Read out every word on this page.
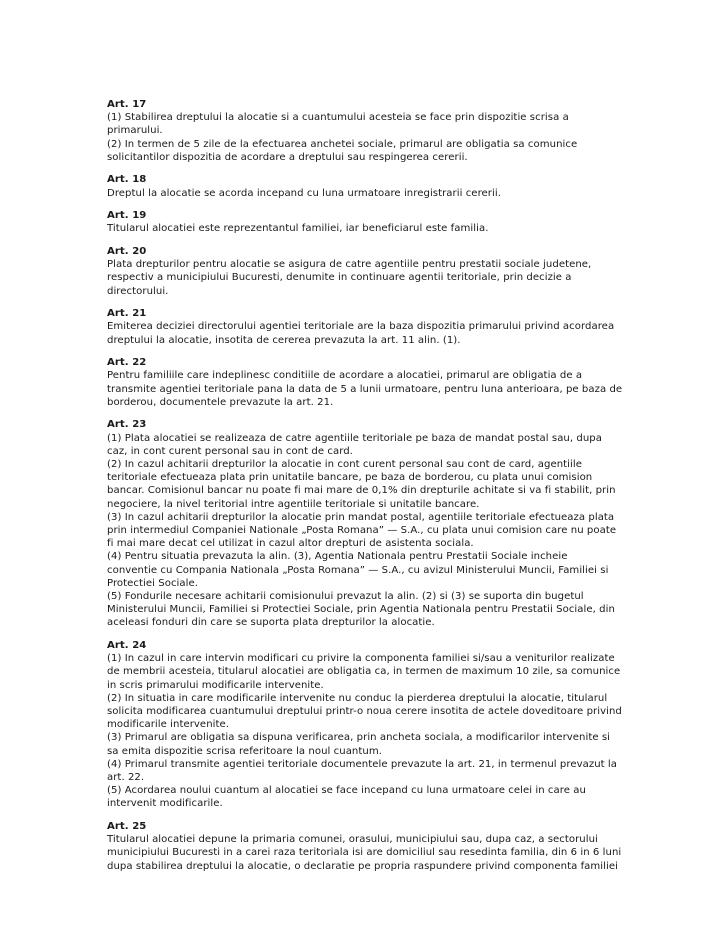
Art. 17
(1) Stabilirea dreptului la alocatie si a cuantumului acesteia se face prin dispozitie scrisa a
primarului.
(2) In termen de 5 zile de la efectuarea anchetei sociale, primarul are obligatia sa comunice
solicitantilor dispozitia de acordare a dreptului sau respingerea cererii.
Art. 18
Dreptul la alocatie se acorda incepand cu luna urmatoare inregistrarii cererii.
Art. 19
Titularul alocatiei este reprezentantul familiei, iar beneficiarul este familia.
Art. 20
Plata drepturilor pentru alocatie se asigura de catre agentiile pentru prestatii sociale judetene,
respectiv a municipiului Bucuresti, denumite in continuare agentii teritoriale, prin decizie a
directorului.
Art. 21
Emiterea deciziei directorului agentiei teritoriale are la baza dispozitia primarului privind acordarea
dreptului la alocatie, insotita de cererea prevazuta la art. 11 alin. (1).
Art. 22
Pentru familiile care indeplinesc conditiile de acordare a alocatiei, primarul are obligatia de a
transmite agentiei teritoriale pana la data de 5 a lunii urmatoare, pentru luna anterioara, pe baza de
borderou, documentele prevazute la art. 21.
Art. 23
(1) Plata alocatiei se realizeaza de catre agentiile teritoriale pe baza de mandat postal sau, dupa
caz, in cont curent personal sau in cont de card.
(2) In cazul achitarii drepturilor la alocatie in cont curent personal sau cont de card, agentiile
teritoriale efectueaza plata prin unitatile bancare, pe baza de borderou, cu plata unui comision
bancar. Comisionul bancar nu poate fi mai mare de 0,1% din drepturile achitate si va fi stabilit, prin
negociere, la nivel teritorial intre agentiile teritoriale si unitatile bancare.
(3) In cazul achitarii drepturilor la alocatie prin mandat postal, agentiile teritoriale efectueaza plata
prin intermediul Companiei Nationale „Posta Romana” — S.A., cu plata unui comision care nu poate
fi mai mare decat cel utilizat in cazul altor drepturi de asistenta sociala.
(4) Pentru situatia prevazuta la alin. (3), Agentia Nationala pentru Prestatii Sociale incheie
conventie cu Compania Nationala „Posta Romana” — S.A., cu avizul Ministerului Muncii, Familiei si
Protectiei Sociale.
(5) Fondurile necesare achitarii comisionului prevazut la alin. (2) si (3) se suporta din bugetul
Ministerului Muncii, Familiei si Protectiei Sociale, prin Agentia Nationala pentru Prestatii Sociale, din
aceleasi fonduri din care se suporta plata drepturilor la alocatie.
Art. 24
(1) In cazul in care intervin modificari cu privire la componenta familiei si/sau a veniturilor realizate
de membrii acesteia, titularul alocatiei are obligatia ca, in termen de maximum 10 zile, sa comunice
in scris primarului modificarile intervenite.
(2) In situatia in care modificarile intervenite nu conduc la pierderea dreptului la alocatie, titularul
solicita modificarea cuantumului dreptului printr-o noua cerere insotita de actele doveditoare privind
modificarile intervenite.
(3) Primarul are obligatia sa dispuna verificarea, prin ancheta sociala, a modificarilor intervenite si
sa emita dispozitie scrisa referitoare la noul cuantum.
(4) Primarul transmite agentiei teritoriale documentele prevazute la art. 21, in termenul prevazut la
art. 22.
(5) Acordarea noului cuantum al alocatiei se face incepand cu luna urmatoare celei in care au
intervenit modificarile.
Art. 25
Titularul alocatiei depune la primaria comunei, orasului, municipiului sau, dupa caz, a sectorului
municipiului Bucuresti in a carei raza teritoriala isi are domiciliul sau resedinta familia, din 6 in 6 luni
dupa stabilirea dreptului la alocatie, o declaratie pe propria raspundere privind componenta familiei
